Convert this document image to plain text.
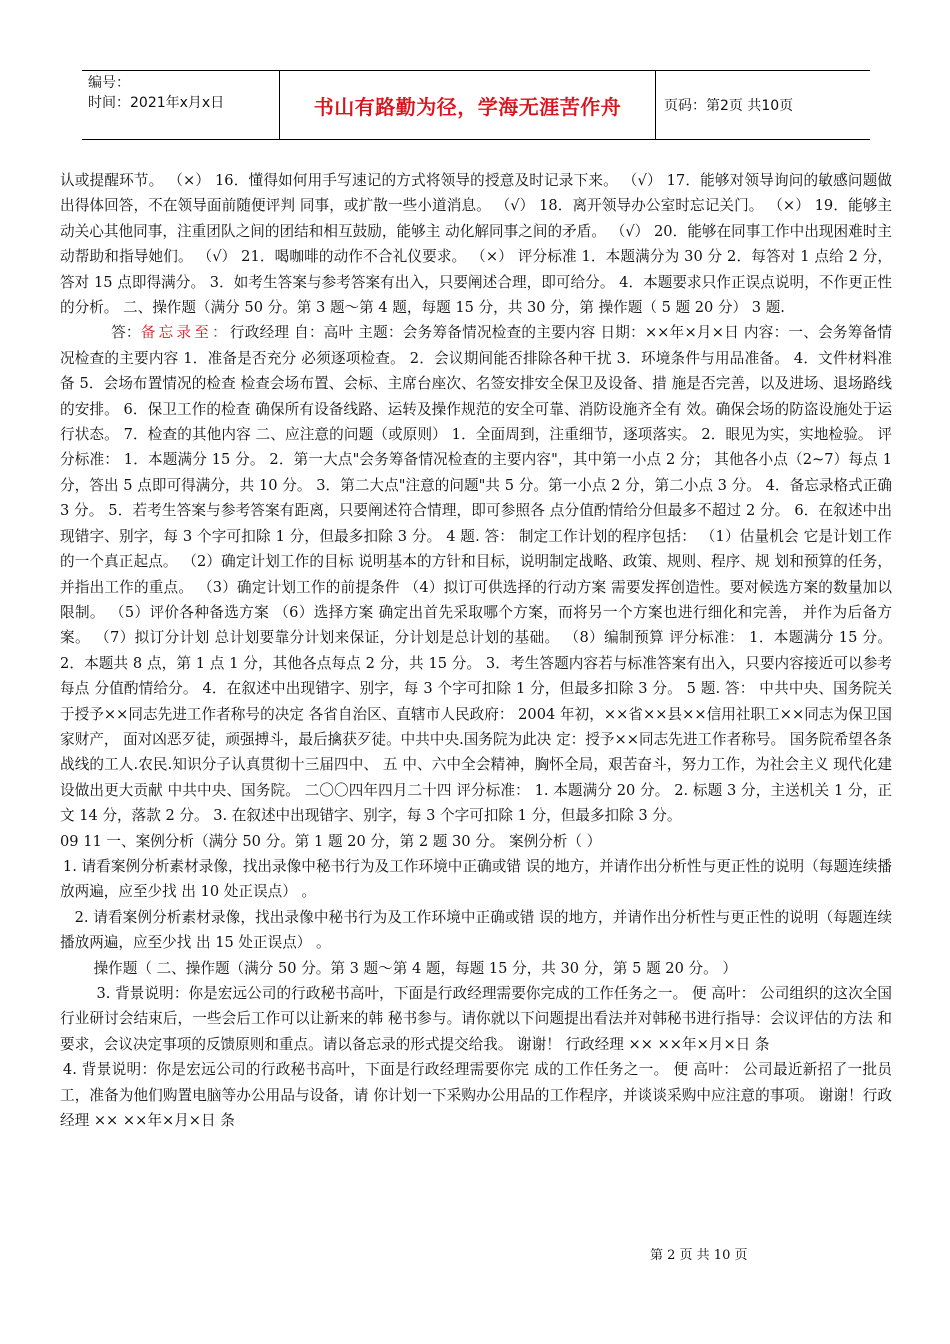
编号：
时间：2021年x月x日	书山有路勤为径，学海无涯苦作舟	页码：第2页 共10页

认或提醒环节。 （×） 16．懂得如何用手写速记的方式将领导的授意及时记录下来。 （√） 17．能够对领导询问的敏感问题做出得体回答，不在领导面前随便评判 同事，或扩散一些小道消息。 （√） 18．离开领导办公室时忘记关门。 （×） 19．能够主动关心其他同事，注重团队之间的团结和相互鼓励，能够主 动化解同事之间的矛盾。 （√） 20．能够在同事工作中出现困难时主动帮助和指导她们。 （√） 21．喝咖啡的动作不合礼仪要求。 （×） 评分标准 1．本题满分为 30 分 2．每答对 1 点给 2 分，答对 15 点即得满分。 3．如考生答案与参考答案有出入，只要阐述合理，即可给分。 4．本题要求只作正误点说明，不作更正性的分析。 二、操作题（满分 50 分。第 3 题～第 4 题，每题 15 分，共 30 分，第 操作题（ 5 题 20 分） 3 题.

答：备忘录至：行政经理 自：高叶 主题：会务筹备情况检查的主要内容 日期：××年×月×日 内容：一、会务筹备情况检查的主要内容 1．准备是否充分 必须逐项检查。 2．会议期间能否排除各种干扰 3．环境条件与用品准备。 4．文件材料准备 5．会场布置情况的检查 检查会场布置、会标、主席台座次、名签安排安全保卫及设备、措 施是否完善，以及进场、退场路线的安排。 6．保卫工作的检查 确保所有设备线路、运转及操作规范的安全可靠、消防设施齐全有 效。确保会场的防盗设施处于运行状态。 7．检查的其他内容 二、应注意的问题（或原则） 1．全面周到，注重细节，逐项落实。 2．眼见为实，实地检验。 评分标准： 1．本题满分 15 分。 2．第一大点"会务筹备情况检查的主要内容"，其中第一小点 2 分； 其他各小点（2~7）每点 1 分，答出 5 点即可得满分，共 10 分。 3．第二大点"注意的问题"共 5 分。第一小点 2 分，第二小点 3 分。 4．备忘录格式正确 3 分。 5．若考生答案与参考答案有距离，只要阐述符合情理，即可参照各 点分值酌情给分但最多不超过 2 分。 6．在叙述中出现错字、别字，每 3 个字可扣除 1 分，但最多扣除 3 分。 4 题. 答： 制定工作计划的程序包括： （1）估量机会 它是计划工作的一个真正起点。 （2）确定计划工作的目标 说明基本的方针和目标，说明制定战略、政策、规则、程序、规 划和预算的任务，并指出工作的重点。 （3）确定计划工作的前提条件 （4）拟订可供选择的行动方案 需要发挥创造性。要对候选方案的数量加以限制。 （5）评价各种备选方案 （6）选择方案 确定出首先采取哪个方案，而将另一个方案也进行细化和完善， 并作为后备方案。 （7）拟订分计划 总计划要靠分计划来保证，分计划是总计划的基础。 （8）编制预算 评分标准： 1．本题满分 15 分。2．本题共 8 点，第 1 点 1 分，其他各点每点 2 分，共 15 分。 3．考生答题内容若与标准答案有出入，只要内容接近可以参考每点 分值酌情给分。 4．在叙述中出现错字、别字，每 3 个字可扣除 1 分，但最多扣除 3 分。 5 题. 答： 中共中央、国务院关于授予××同志先进工作者称号的决定 各省自治区、直辖市人民政府： 2004 年初，××省××县××信用社职工××同志为保卫国家财产， 面对凶恶歹徒，顽强搏斗，最后擒获歹徒。中共中央.国务院为此决 定：授予××同志先进工作者称号。 国务院希望各条战线的工人.农民.知识分子认真贯彻十三届四中、 五 中、六中全会精神，胸怀全局，艰苦奋斗，努力工作，为社会主义 现代化建设做出更大贡献 中共中央、国务院。 二〇〇四年四月二十四 评分标准： 1. 本题满分 20 分。 2. 标题 3 分，主送机关 1 分，正文 14 分，落款 2 分。 3. 在叙述中出现错字、别字，每 3 个字可扣除 1 分，但最多扣除 3 分。

09 11 一、案例分析（满分 50 分。第 1 题 20 分，第 2 题 30 分。 案例分析（ ）

1. 请看案例分析素材录像，找出录像中秘书行为及工作环境中正确或错 误的地方，并请作出分析性与更正性的说明（每题连续播放两遍，应至少找 出 10 处正误点） 。

2. 请看案例分析素材录像，找出录像中秘书行为及工作环境中正确或错 误的地方，并请作出分析性与更正性的说明（每题连续播放两遍，应至少找 出 15 处正误点） 。

操作题（ 二、操作题（满分 50 分。第 3 题～第 4 题，每题 15 分，共 30 分，第 5 题 20 分。 ）

3. 背景说明：你是宏远公司的行政秘书高叶，下面是行政经理需要你完成的工作任务之一。 便 高叶： 公司组织的这次全国行业研讨会结束后，一些会后工作可以让新来的韩 秘书参与。请你就以下问题提出看法并对韩秘书进行指导：会议评估的方法 和要求，会议决定事项的反馈原则和重点。请以备忘录的形式提交给我。 谢谢！ 行政经理 ×× ××年×月×日 条

4. 背景说明：你是宏远公司的行政秘书高叶，下面是行政经理需要你完 成的工作任务之一。 便 高叶： 公司最近新招了一批员工，准备为他们购置电脑等办公用品与设备，请 你计划一下采购办公用品的工作程序，并谈谈采购中应注意的事项。 谢谢！行政经理 ×× ××年×月×日 条

第 2 页 共 10 页
